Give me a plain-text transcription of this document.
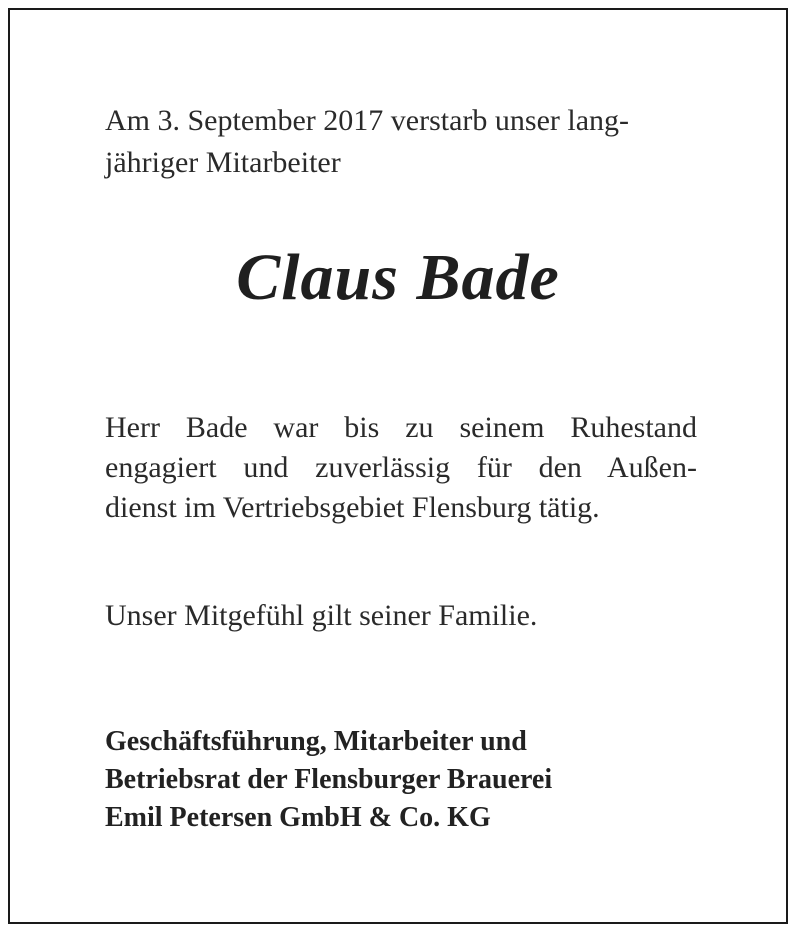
Am 3. September 2017 verstarb unser lang-
jähriger Mitarbeiter

Claus Bade

Herr Bade war bis zu seinem Ruhestand
engagiert und zuverlässig für den Außen-
dienst im Vertriebsgebiet Flensburg tätig.

Unser Mitgefühl gilt seiner Familie.

Geschäftsführung, Mitarbeiter und
Betriebsrat der Flensburger Brauerei
Emil Petersen GmbH & Co. KG
